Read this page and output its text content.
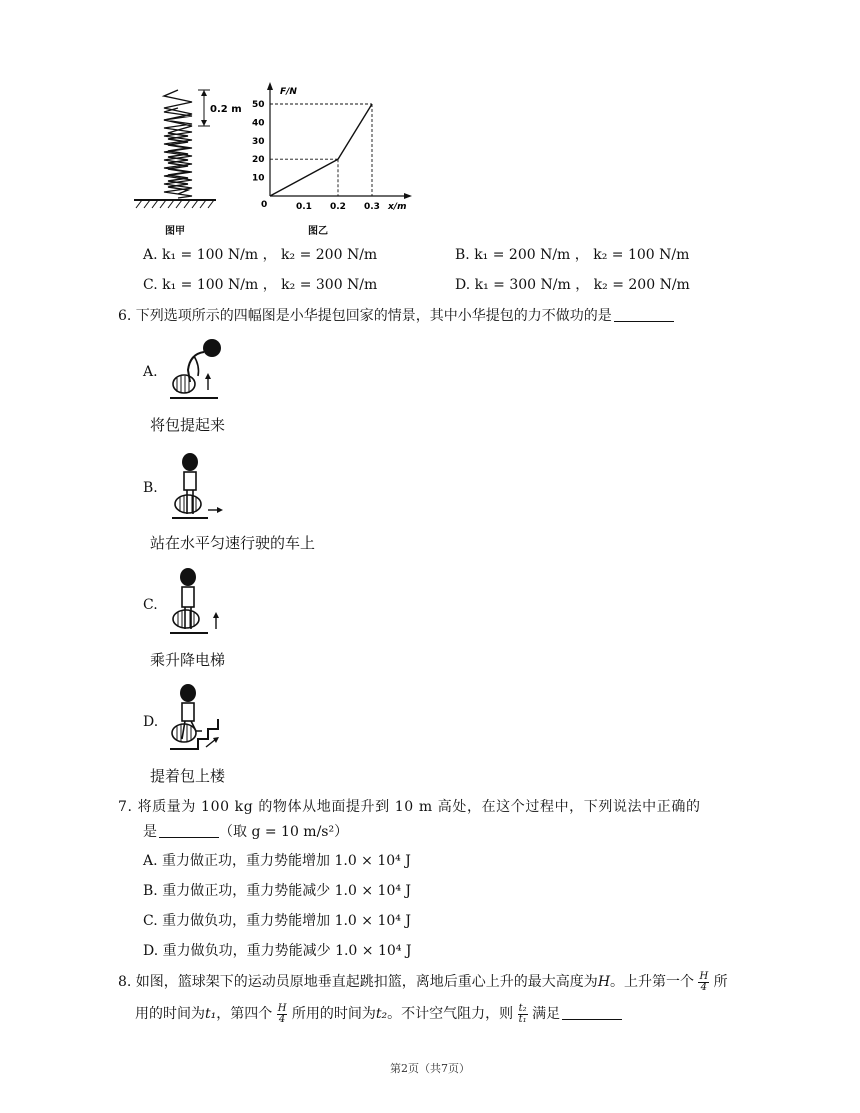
0.2 m
图甲
F/N
x/m
0
10
20
30
40
50
0.1 0.2 0.3
图乙
A. k₁ = 100 N/m ， k₂ = 200 N/m	B. k₁ = 200 N/m ， k₂ = 100 N/m
C. k₁ = 100 N/m ， k₂ = 300 N/m	D. k₁ = 300 N/m ， k₂ = 200 N/m
6. 下列选项所示的四幅图是小华提包回家的情景，其中小华提包的力不做功的是
A.
将包提起来
B.
站在水平匀速行驶的车上
C.
乘升降电梯
D.
提着包上楼
7. 将质量为 100 kg 的物体从地面提升到 10 m 高处，在这个过程中，下列说法中正确的
是	（取 g = 10 m/s²）
A. 重力做正功，重力势能增加 1.0 × 10⁴ J
B. 重力做正功，重力势能减少 1.0 × 10⁴ J
C. 重力做负功，重力势能增加 1.0 × 10⁴ J
D. 重力做负功，重力势能减少 1.0 × 10⁴ J
8. 如图，篮球架下的运动员原地垂直起跳扣篮，离地后重心上升的最大高度为H。上升第一个 $\frac{H}{4}$ 所
用的时间为t₁，第四个 $\frac{H}{4}$ 所用的时间为t₂。不计空气阻力，则 $\frac{\text{t₂}}{\text{t₁}}$ 满足
第2页（共7页）
